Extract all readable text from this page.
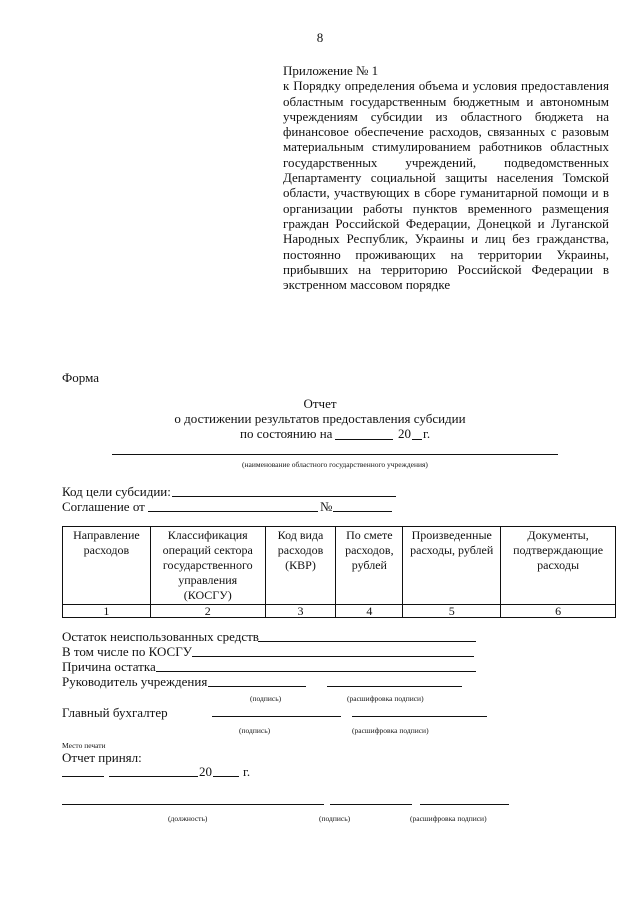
8
Приложение № 1
к Порядку определения объема и условия предоставления областным государственным бюджетным и автономным учреждениям субсидии из областного бюджета на финансовое обеспечение расходов, связанных с разовым материальным стимулированием работников областных государственных учреждений, подведомственных Департаменту социальной защиты населения Томской области, участвующих в сборе гуманитарной помощи и в организации работы пунктов временного размещения граждан Российской Федерации, Донецкой и Луганской Народных Республик, Украины и лиц без гражданства, постоянно проживающих на территории Украины, прибывших на территорию Российской Федерации в экстренном массовом порядке
Форма
Отчет
о достижении результатов предоставления субсидии
по состоянию на	20 г.
(наименование областного государственного учреждения)
Код цели субсидии:
Соглашение от	№
Направление расходов	Классификация операций сектора государственного управления (КОСГУ)	Код вида расходов (КВР)	По смете расходов, рублей	Произведенные расходы, рублей	Документы, подтверждающие расходы
1	2	3	4	5	6
Остаток неиспользованных средств
В том числе по КОСГУ
Причина остатка
Руководитель учреждения
(подпись)	(расшифровка подписи)
Главный бухгалтер
(подпись)	(расшифровка подписи)
Место печати
Отчет принял:
20 г.
(должность)	(подпись)	(расшифровка подписи)
